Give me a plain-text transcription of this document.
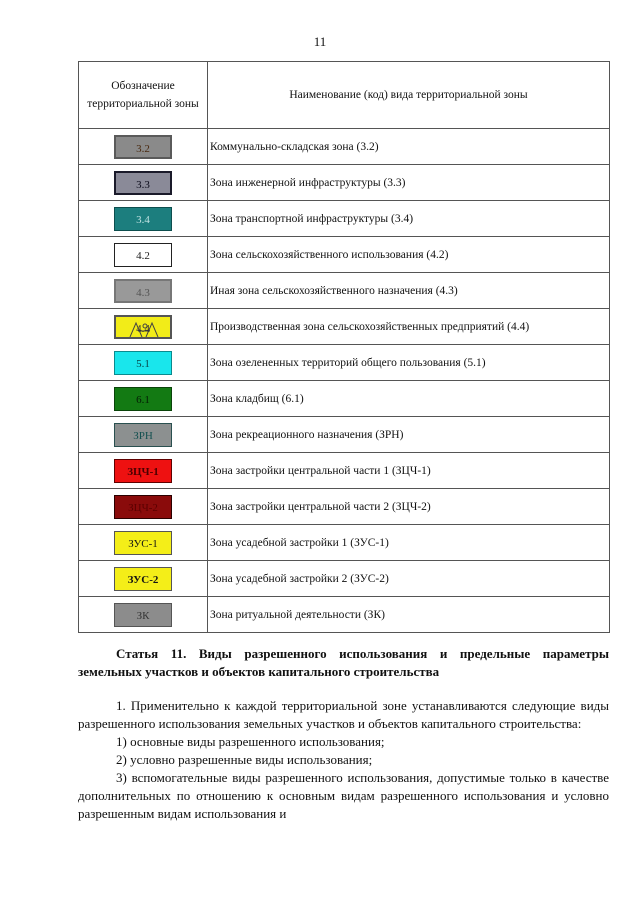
11
Обозначение территориальной зоны	Наименование (код) вида территориальной зоны
3.2	Коммунально-складская зона (3.2)
3.3	Зона инженерной инфраструктуры (3.3)
3.4	Зона транспортной инфраструктуры (3.4)
4.2	Зона сельскохозяйственного использования (4.2)
4.3	Иная зона сельскохозяйственного назначения (4.3)

4.4	Производственная зона сельскохозяйственных предприятий (4.4)
5.1	Зона озелененных территорий общего пользования (5.1)
6.1	Зона кладбищ (6.1)
ЗРН	Зона рекреационного назначения (ЗРН)
ЗЦЧ-1	Зона застройки центральной части 1 (ЗЦЧ-1)
ЗЦЧ-2	Зона застройки центральной части 2 (ЗЦЧ-2)
ЗУС-1	Зона усадебной застройки 1 (ЗУС-1)
ЗУС-2	Зона усадебной застройки 2 (ЗУС-2)
ЗК	Зона ритуальной деятельности (ЗК)
Статья 11. Виды разрешенного использования и предельные параметры земельных участков и объектов капитального строительства
1. Применительно к каждой территориальной зоне устанавливаются следующие виды разрешенного использования земельных участков и объектов капитального строительства:
1) основные виды разрешенного использования;
2) условно разрешенные виды использования;
3) вспомогательные виды разрешенного использования, допустимые только в качестве дополнительных по отношению к основным видам разрешенного использования и условно разрешенным видам использования и
